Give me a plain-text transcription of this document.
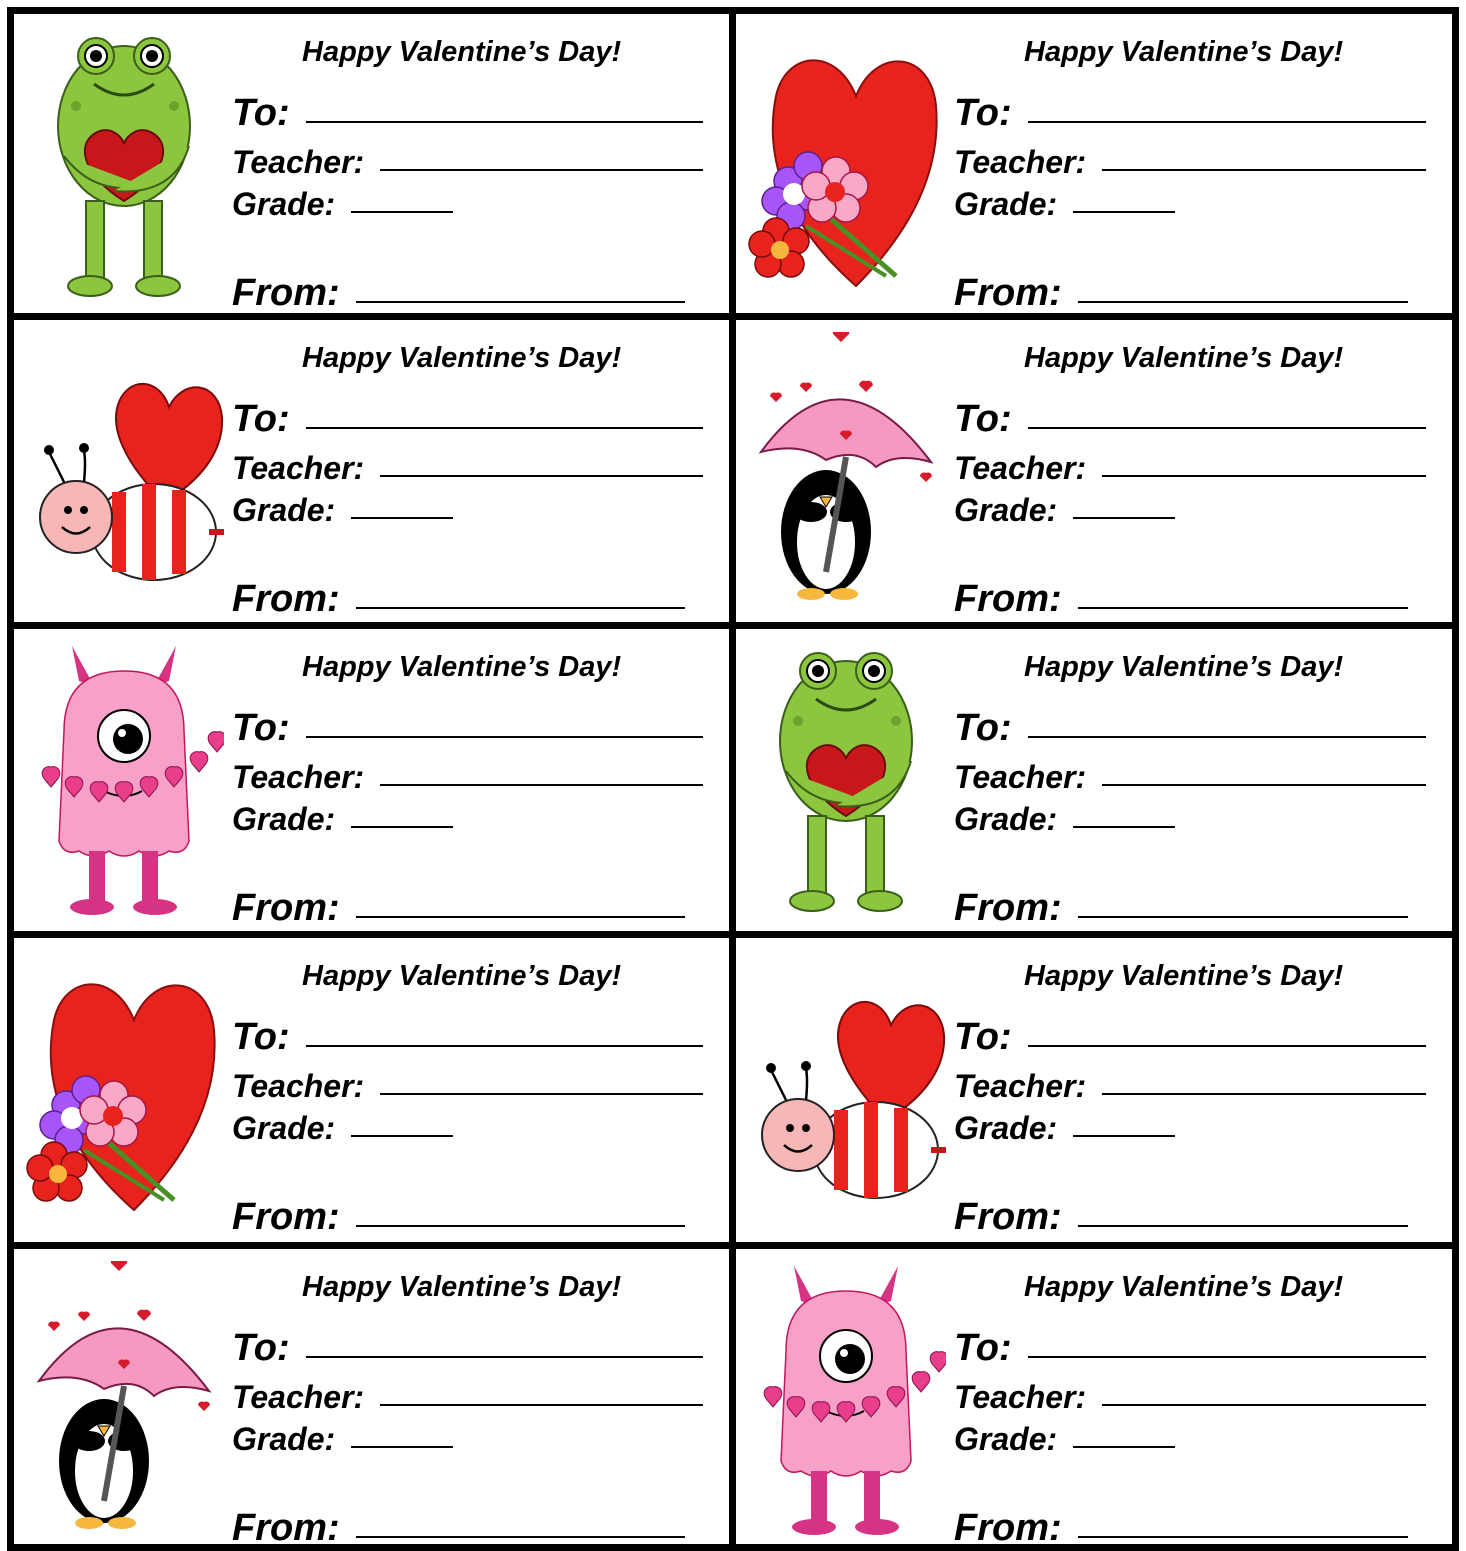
Happy Valentine’s Day!
To:
Teacher:
Grade:
From:
Happy Valentine’s Day!
To:
Teacher:
Grade:
From:
Happy Valentine’s Day!
To:
Teacher:
Grade:
From:
Happy Valentine’s Day!
To:
Teacher:
Grade:
From:
Happy Valentine’s Day!
To:
Teacher:
Grade:
From:
Happy Valentine’s Day!
To:
Teacher:
Grade:
From:
Happy Valentine’s Day!
To:
Teacher:
Grade:
From:
Happy Valentine’s Day!
To:
Teacher:
Grade:
From:
Happy Valentine’s Day!
To:
Teacher:
Grade:
From:
Happy Valentine’s Day!
To:
Teacher:
Grade:
From:
